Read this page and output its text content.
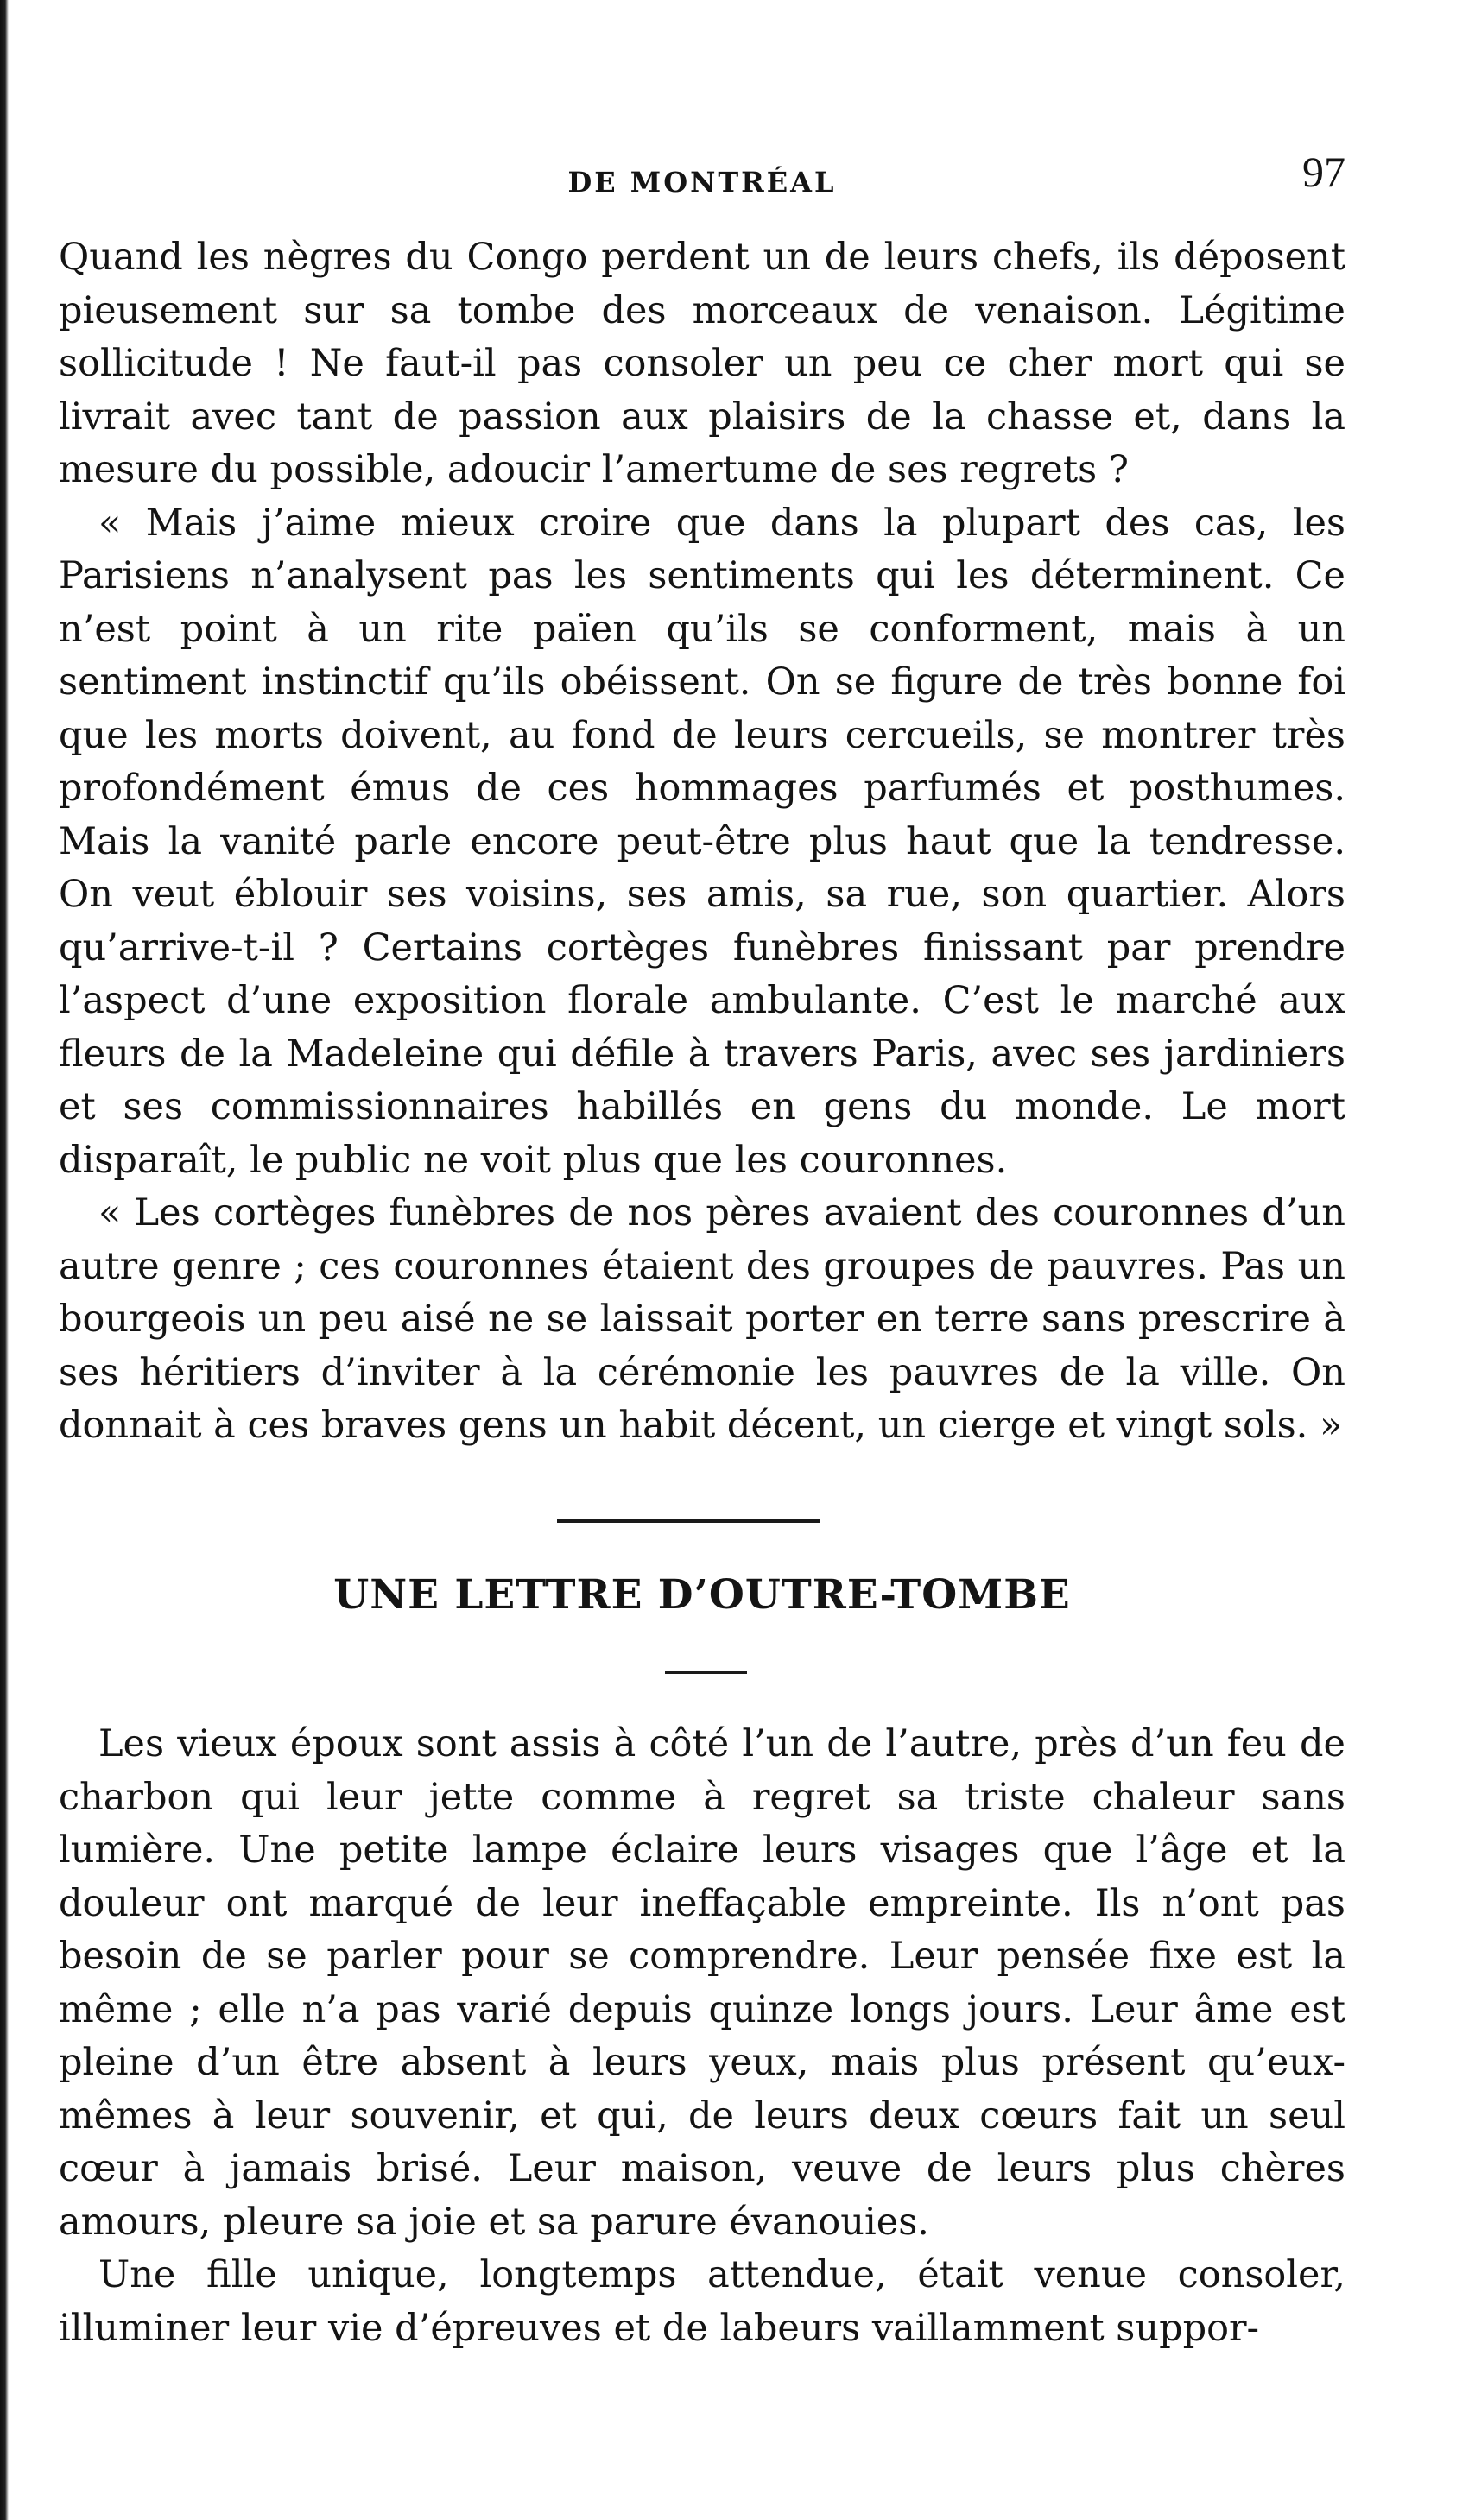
DE MONTRÉAL	97

Quand les nègres du Congo perdent un de leurs chefs, ils déposent pieusement sur sa tombe des morceaux de venaison. Légitime sollicitude ! Ne faut-il pas consoler un peu ce cher mort qui se livrait avec tant de passion aux plaisirs de la chasse et, dans la mesure du possible, adoucir l’amertume de ses regrets ?

« Mais j’aime mieux croire que dans la plupart des cas, les Parisiens n’analysent pas les sentiments qui les déterminent. Ce n’est point à un rite païen qu’ils se conforment, mais à un sentiment instinctif qu’ils obéissent. On se figure de très bonne foi que les morts doivent, au fond de leurs cercueils, se montrer très profondément émus de ces hommages parfumés et posthumes. Mais la vanité parle encore peut-être plus haut que la tendresse. On veut éblouir ses voisins, ses amis, sa rue, son quartier. Alors qu’arrive-t-il ? Certains cortèges funèbres finissant par prendre l’aspect d’une exposition florale ambulante. C’est le marché aux fleurs de la Madeleine qui défile à travers Paris, avec ses jardiniers et ses commissionnaires habillés en gens du monde. Le mort disparaît, le public ne voit plus que les couronnes.

« Les cortèges funèbres de nos pères avaient des couronnes d’un autre genre ; ces couronnes étaient des groupes de pauvres. Pas un bourgeois un peu aisé ne se laissait porter en terre sans prescrire à ses héritiers d’inviter à la cérémonie les pauvres de la ville. On donnait à ces braves gens un habit décent, un cierge et vingt sols. »

UNE LETTRE D’OUTRE-TOMBE

Les vieux époux sont assis à côté l’un de l’autre, près d’un feu de charbon qui leur jette comme à regret sa triste chaleur sans lumière. Une petite lampe éclaire leurs visages que l’âge et la douleur ont marqué de leur ineffaçable empreinte. Ils n’ont pas besoin de se parler pour se comprendre. Leur pensée fixe est la même ; elle n’a pas varié depuis quinze longs jours. Leur âme est pleine d’un être absent à leurs yeux, mais plus présent qu’eux-mêmes à leur souvenir, et qui, de leurs deux cœurs fait un seul cœur à jamais brisé. Leur maison, veuve de leurs plus chères amours, pleure sa joie et sa parure évanouies.

Une fille unique, longtemps attendue, était venue consoler, illuminer leur vie d’épreuves et de labeurs vaillamment suppor-
